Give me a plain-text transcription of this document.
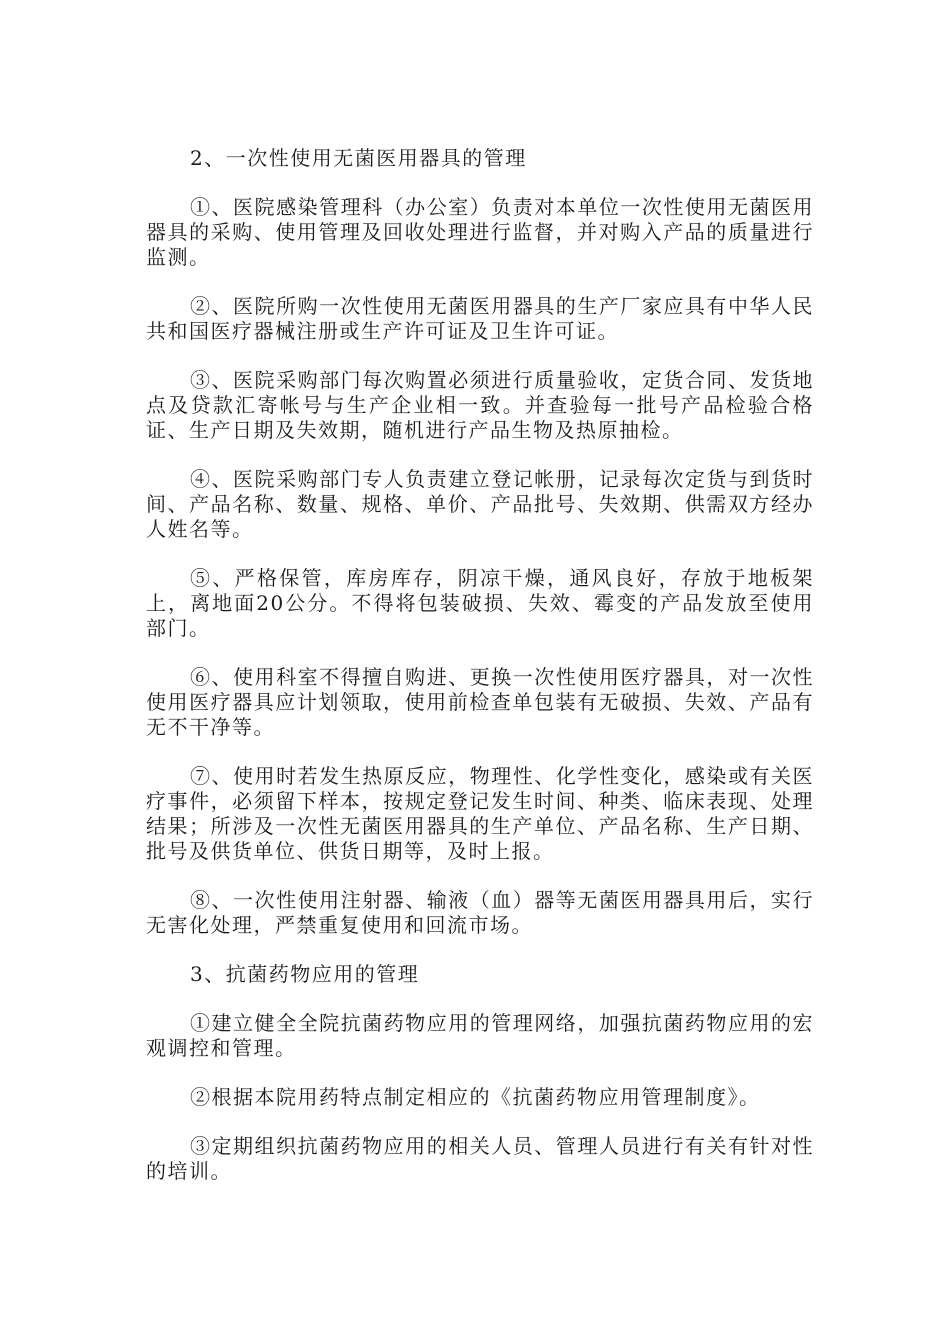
2、一次性使用无菌医用器具的管理

①、医院感染管理科（办公室）负责对本单位一次性使用无菌医用器具的采购、使用管理及回收处理进行监督，并对购入产品的质量进行监测。

②、医院所购一次性使用无菌医用器具的生产厂家应具有中华人民共和国医疗器械注册或生产许可证及卫生许可证。

③、医院采购部门每次购置必须进行质量验收，定货合同、发货地点及贷款汇寄帐号与生产企业相一致。并查验每一批号产品检验合格证、生产日期及失效期，随机进行产品生物及热原抽检。

④、医院采购部门专人负责建立登记帐册，记录每次定货与到货时间、产品名称、数量、规格、单价、产品批号、失效期、供需双方经办人姓名等。

⑤、严格保管，库房库存，阴凉干燥，通风良好，存放于地板架上，离地面20公分。不得将包装破损、失效、霉变的产品发放至使用部门。

⑥、使用科室不得擅自购进、更换一次性使用医疗器具，对一次性使用医疗器具应计划领取，使用前检查单包装有无破损、失效、产品有无不干净等。

⑦、使用时若发生热原反应，物理性、化学性变化，感染或有关医疗事件，必须留下样本，按规定登记发生时间、种类、临床表现、处理结果；所涉及一次性无菌医用器具的生产单位、产品名称、生产日期、批号及供货单位、供货日期等，及时上报。

⑧、一次性使用注射器、输液（血）器等无菌医用器具用后，实行无害化处理，严禁重复使用和回流市场。

3、抗菌药物应用的管理

①建立健全全院抗菌药物应用的管理网络，加强抗菌药物应用的宏观调控和管理。

②根据本院用药特点制定相应的《抗菌药物应用管理制度》。

③定期组织抗菌药物应用的相关人员、管理人员进行有关有针对性的培训。
